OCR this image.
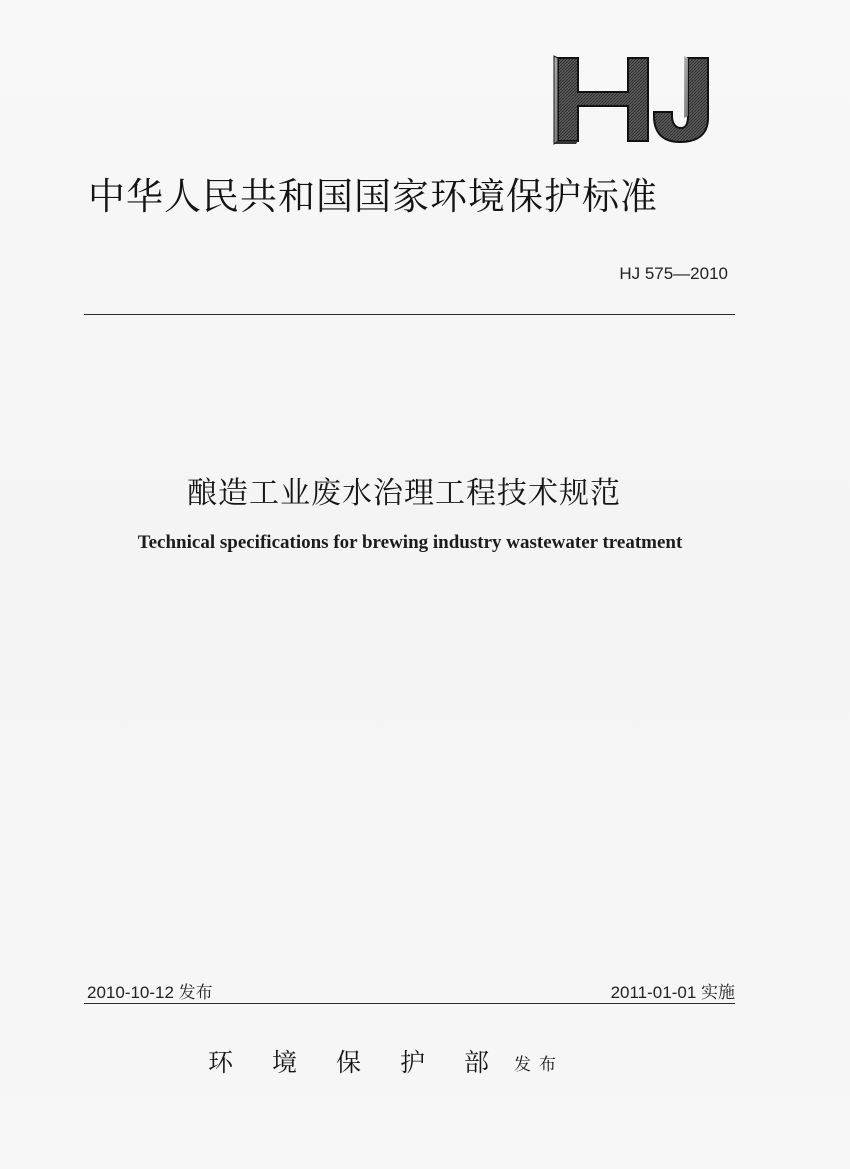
中华人民共和国国家环境保护标准
HJ 575—2010
酿造工业废水治理工程技术规范
Technical specifications for brewing industry wastewater treatment
2010-10-12 发布	2011-01-01 实施
环境保护部发布
